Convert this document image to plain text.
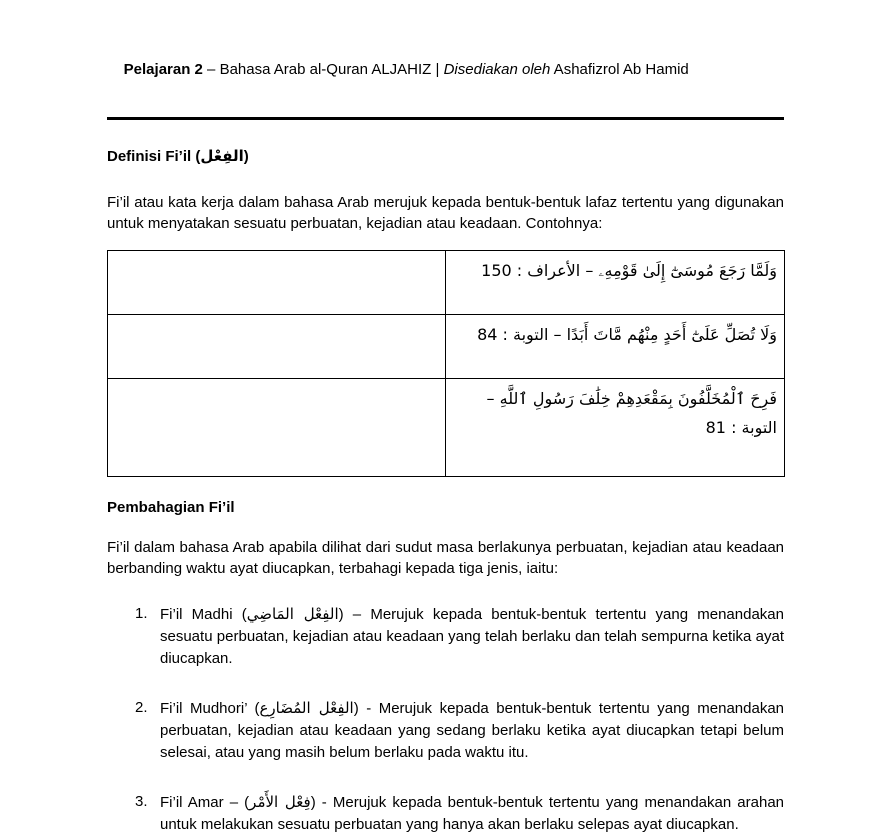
Pelajaran 2 – Bahasa Arab al-Quran ALJAHIZ | Disediakan oleh Ashafizrol Ab Hamid

Definisi Fi’il (الفِعْل)
Fi’il atau kata kerja dalam bahasa Arab merujuk kepada bentuk-bentuk lafaz tertentu yang digunakan untuk menyatakan sesuatu perbuatan, kejadian atau keadaan. Contohnya:
	وَلَمَّا رَجَعَ مُوسَىٰٓ إِلَىٰ قَوْمِهِۦ – الأعراف : 150
	وَلَا تُصَلِّ عَلَىٰٓ أَحَدٍ مِنْهُم مَّاتَ أَبَدًا – التوبة : 84
	فَرِحَ ٱلْمُخَلَّفُونَ بِمَقْعَدِهِمْ خِلَٰفَ رَسُولِ ٱللَّهِ – التوبة : 81
Pembahagian Fi’il
Fi’il dalam bahasa Arab apabila dilihat dari sudut masa berlakunya perbuatan, kejadian atau keadaan berbanding waktu ayat diucapkan, terbahagi kepada tiga jenis, iaitu:
1. Fi’il Madhi (الفِعْل المَاضِي) – Merujuk kepada bentuk-bentuk tertentu yang menandakan sesuatu perbuatan, kejadian atau keadaan yang telah berlaku dan telah sempurna ketika ayat diucapkan.
2. Fi’il Mudhori’ (الفِعْل المُضَارِع) - Merujuk kepada bentuk-bentuk tertentu yang menandakan perbuatan, kejadian atau keadaan yang sedang berlaku ketika ayat diucapkan tetapi belum selesai, atau yang masih belum berlaku pada waktu itu.
3. Fi’il Amar – (فِعْل الأَمْر) - Merujuk kepada bentuk-bentuk tertentu yang menandakan arahan untuk melakukan sesuatu perbuatan yang hanya akan berlaku selepas ayat diucapkan.
